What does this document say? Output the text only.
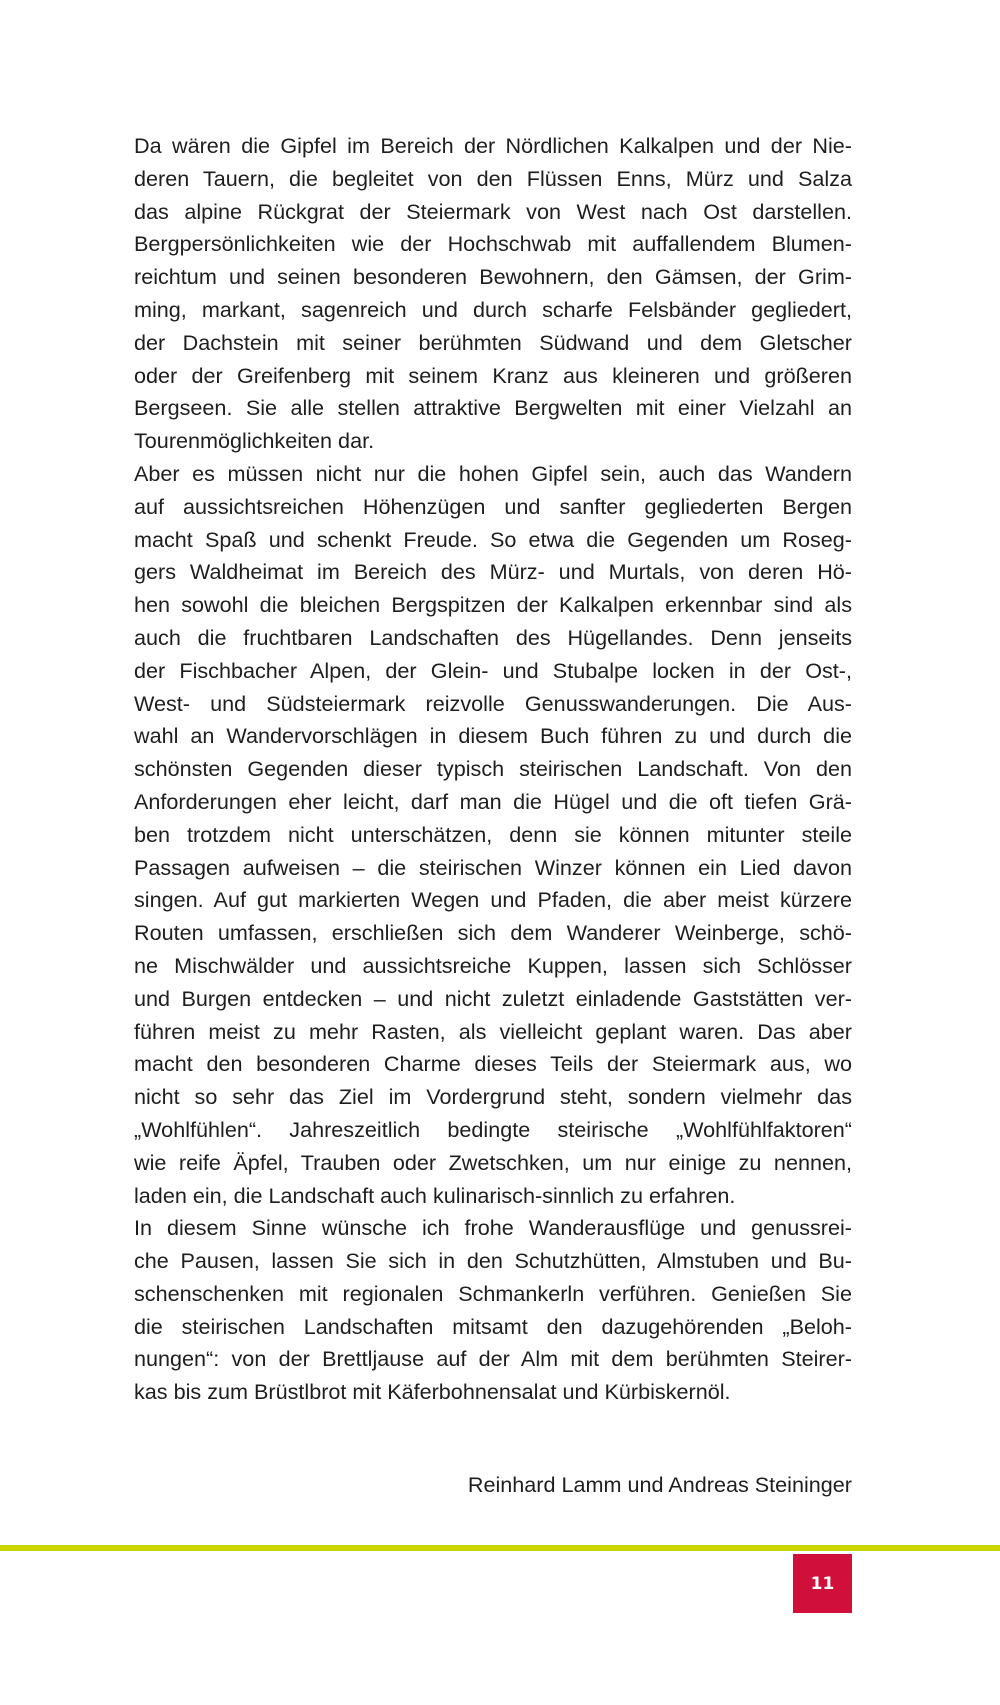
Da wären die Gipfel im Bereich der Nördlichen Kalkalpen und der Nie-
deren Tauern, die begleitet von den Flüssen Enns, Mürz und Salza
das alpine Rückgrat der Steiermark von West nach Ost darstellen.
Bergpersönlichkeiten wie der Hochschwab mit auffallendem Blumen-
reichtum und seinen besonderen Bewohnern, den Gämsen, der Grim-
ming, markant, sagenreich und durch scharfe Felsbänder gegliedert,
der Dachstein mit seiner berühmten Südwand und dem Gletscher
oder der Greifenberg mit seinem Kranz aus kleineren und größeren
Bergseen. Sie alle stellen attraktive Bergwelten mit einer Vielzahl an
Tourenmöglichkeiten dar.
Aber es müssen nicht nur die hohen Gipfel sein, auch das Wandern
auf aussichtsreichen Höhenzügen und sanfter gegliederten Bergen
macht Spaß und schenkt Freude. So etwa die Gegenden um Roseg-
gers Waldheimat im Bereich des Mürz- und Murtals, von deren Hö-
hen sowohl die bleichen Bergspitzen der Kalkalpen erkennbar sind als
auch die fruchtbaren Landschaften des Hügellandes. Denn jenseits
der Fischbacher Alpen, der Glein- und Stubalpe locken in der Ost-,
West- und Südsteiermark reizvolle Genusswanderungen. Die Aus-
wahl an Wandervorschlägen in diesem Buch führen zu und durch die
schönsten Gegenden dieser typisch steirischen Landschaft. Von den
Anforderungen eher leicht, darf man die Hügel und die oft tiefen Grä-
ben trotzdem nicht unterschätzen, denn sie können mitunter steile
Passagen aufweisen – die steirischen Winzer können ein Lied davon
singen. Auf gut markierten Wegen und Pfaden, die aber meist kürzere
Routen umfassen, erschließen sich dem Wanderer Weinberge, schö-
ne Mischwälder und aussichtsreiche Kuppen, lassen sich Schlösser
und Burgen entdecken – und nicht zuletzt einladende Gaststätten ver-
führen meist zu mehr Rasten, als vielleicht geplant waren. Das aber
macht den besonderen Charme dieses Teils der Steiermark aus, wo
nicht so sehr das Ziel im Vordergrund steht, sondern vielmehr das
„Wohlfühlen“. Jahreszeitlich bedingte steirische „Wohlfühlfaktoren“
wie reife Äpfel, Trauben oder Zwetschken, um nur einige zu nennen,
laden ein, die Landschaft auch kulinarisch-sinnlich zu erfahren.
In diesem Sinne wünsche ich frohe Wanderausflüge und genussrei-
che Pausen, lassen Sie sich in den Schutzhütten, Almstuben und Bu-
schenschenken mit regionalen Schmankerln verführen. Genießen Sie
die steirischen Landschaften mitsamt den dazugehörenden „Beloh-
nungen“: von der Brettljause auf der Alm mit dem berühmten Steirer-
kas bis zum Brüstlbrot mit Käferbohnensalat und Kürbiskernöl.
Reinhard Lamm und Andreas Steininger
11
